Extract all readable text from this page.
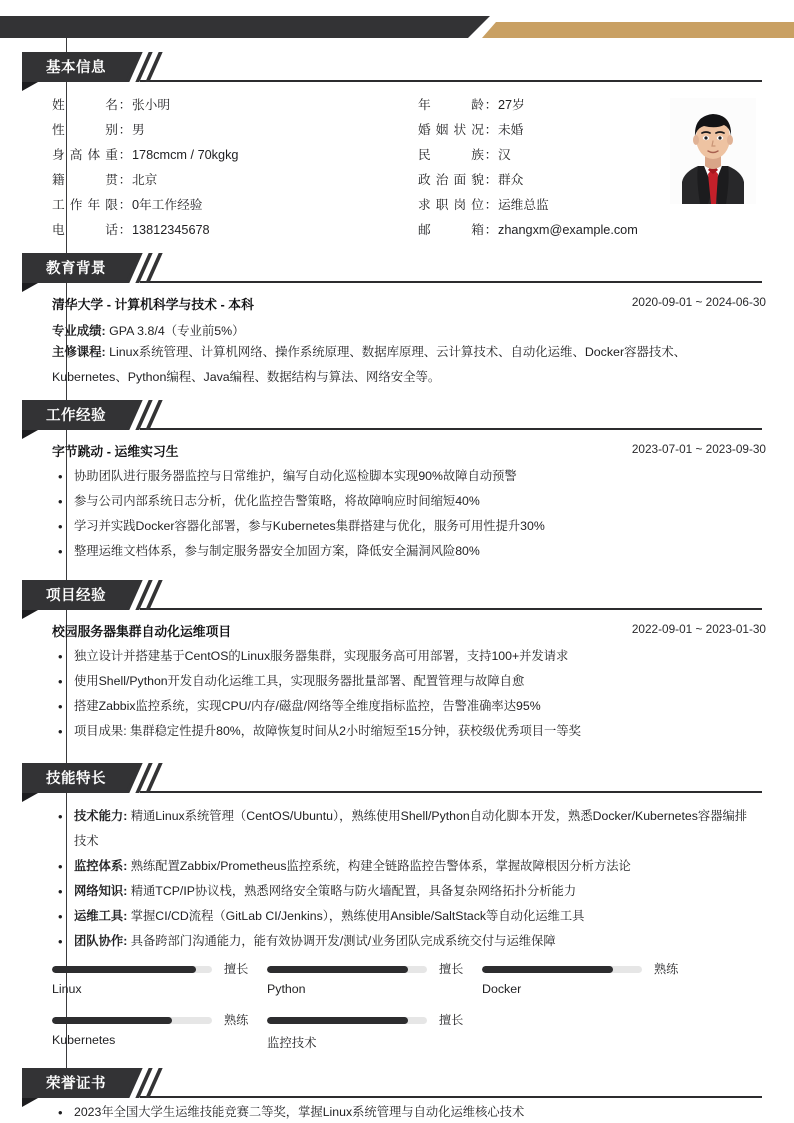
基本信息
姓名 ： 张小明
性别 ： 男
身高体重 ： 178cmcm / 70kgkg
籍贯 ： 北京
工作年限 ： 0年工作经验
电话 ： 13812345678
年龄 ： 27岁
婚姻状况 ： 未婚
民族 ： 汉
政治面貌 ： 群众
求职岗位 ： 运维总监
邮箱 ： zhangxm@example.com
教育背景
清华大学 - 计算机科学与技术 - 本科	2020-09-01 ~ 2024-06-30
专业成绩: GPA 3.8/4（专业前5%）
主修课程: Linux系统管理、计算机网络、操作系统原理、数据库原理、云计算技术、自动化运维、Docker容器技术、Kubernetes、Python编程、Java编程、数据结构与算法、网络安全等。
工作经验
字节跳动 - 运维实习生	2023-07-01 ~ 2023-09-30
• 协助团队进行服务器监控与日常维护，编写自动化巡检脚本实现90%故障自动预警
• 参与公司内部系统日志分析，优化监控告警策略，将故障响应时间缩短40%
• 学习并实践Docker容器化部署，参与Kubernetes集群搭建与优化，服务可用性提升30%
• 整理运维文档体系，参与制定服务器安全加固方案，降低安全漏洞风险80%
项目经验
校园服务器集群自动化运维项目	2022-09-01 ~ 2023-01-30
• 独立设计并搭建基于CentOS的Linux服务器集群，实现服务高可用部署，支持100+并发请求
• 使用Shell/Python开发自动化运维工具，实现服务器批量部署、配置管理与故障自愈
• 搭建Zabbix监控系统，实现CPU/内存/磁盘/网络等全维度指标监控，告警准确率达95%
• 项目成果: 集群稳定性提升80%，故障恢复时间从2小时缩短至15分钟，获校级优秀项目一等奖
技能特长
• 技术能力: 精通Linux系统管理（CentOS/Ubuntu），熟练使用Shell/Python自动化脚本开发，熟悉Docker/Kubernetes容器编排技术
• 监控体系: 熟练配置Zabbix/Prometheus监控系统，构建全链路监控告警体系，掌握故障根因分析方法论
• 网络知识: 精通TCP/IP协议栈，熟悉网络安全策略与防火墙配置，具备复杂网络拓扑分析能力
• 运维工具: 掌握CI/CD流程（GitLab CI/Jenkins），熟练使用Ansible/SaltStack等自动化运维工具
• 团队协作: 具备跨部门沟通能力，能有效协调开发/测试/业务团队完成系统交付与运维保障
擅长
Linux
擅长
Python
熟练
Docker
熟练
Kubernetes
擅长
监控技术
荣誉证书
• 2023年全国大学生运维技能竞赛二等奖，掌握Linux系统管理与自动化运维核心技术
